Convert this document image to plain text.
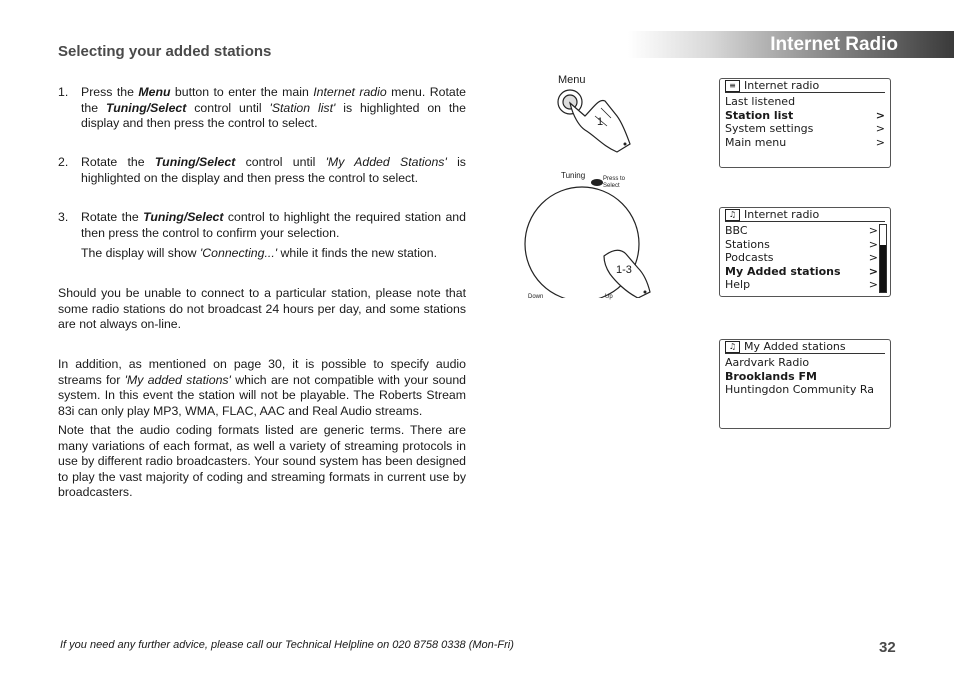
Internet Radio
Selecting your added stations
1. Press the Menu button to enter the main Internet radio menu. Rotate the Tuning/Select control until 'Station list' is highlighted on the display and then press the control to select.
2. Rotate the Tuning/Select control until 'My Added Stations' is highlighted on the display and then press the control to select.
3. Rotate the Tuning/Select control to highlight the required station and then press the control to confirm your selection.
The display will show 'Connecting...' while it finds the new station.
Should you be unable to connect to a particular station, please note that some radio stations do not broadcast 24 hours per day, and some stations are not always on-line.
In addition, as mentioned on page 30, it is possible to specify audio streams for 'My added stations' which are not compatible with your sound system. In this event the station will not be playable. The Roberts Stream 83i can only play MP3, WMA, FLAC, AAC and Real Audio streams.
Note that the audio coding formats listed are generic terms. There are many variations of each format, as well a variety of streaming protocols in use by different radio broadcasters. Your sound system has been designed to play the vast majority of coding and streaming formats in current use by broadcasters.
Menu
1
Tuning	Press to
Select
1-3
Down	Up
≡ Internet radio
Last listened
Station list	>
System settings	>
Main menu	>
♫ Internet radio
BBC	>
Stations	>
Podcasts	>
My Added stations	>
Help	>
♫ My Added stations
Aardvark Radio
Brooklands FM
Huntingdon Community Ra
If you need any further advice, please call our Technical Helpline on 020 8758 0338 (Mon-Fri)	32
